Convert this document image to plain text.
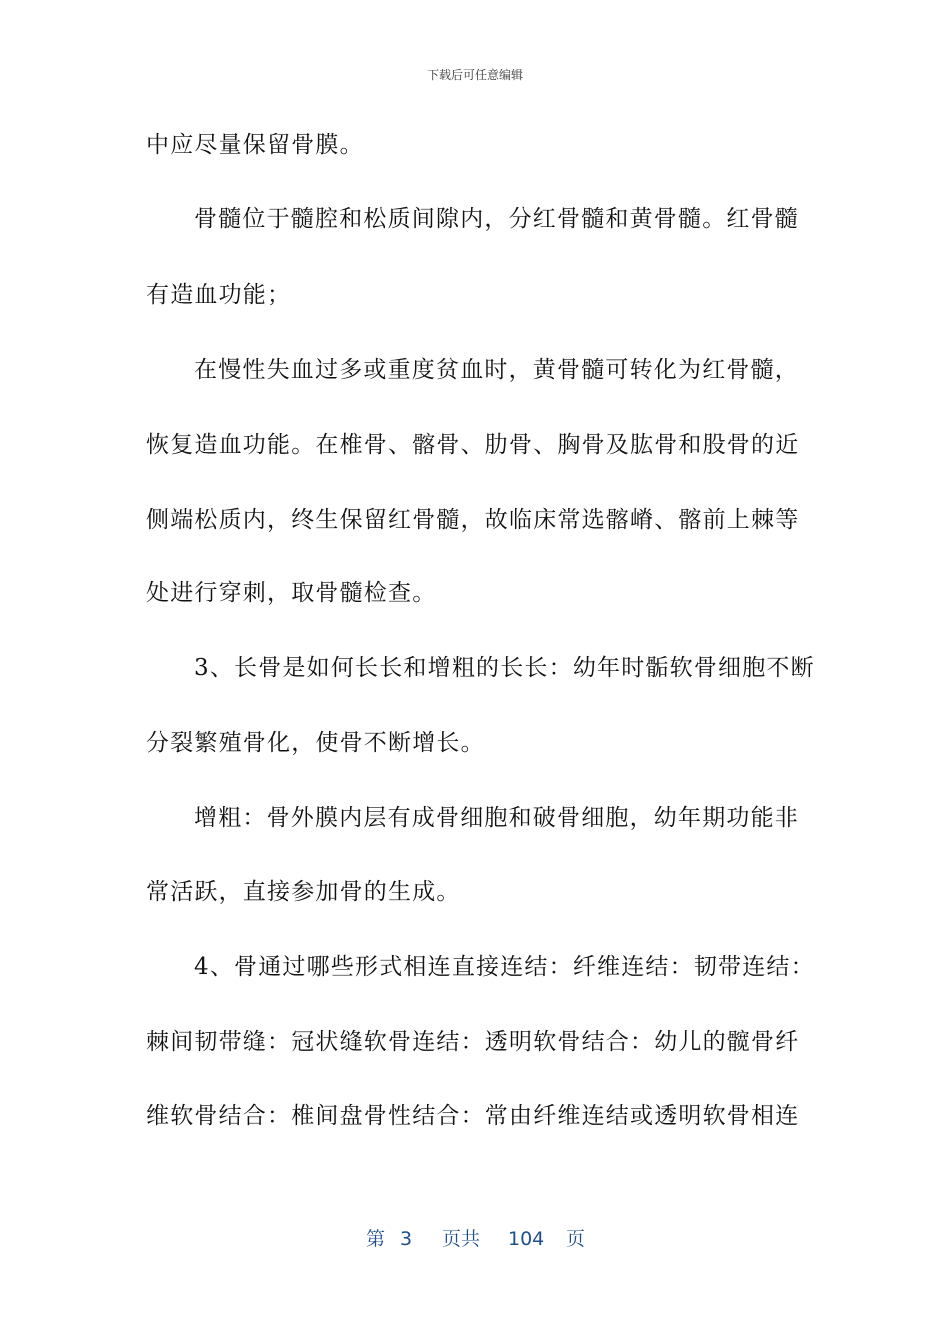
下载后可任意编辑
中应尽量保留骨膜。
骨髓位于髓腔和松质间隙内，分红骨髓和黄骨髓。红骨髓
有造血功能；
在慢性失血过多或重度贫血时，黄骨髓可转化为红骨髓，
恢复造血功能。在椎骨、髂骨、肋骨、胸骨及肱骨和股骨的近
侧端松质内，终生保留红骨髓，故临床常选髂嵴、髂前上棘等
处进行穿刺，取骨髓检查。
3、长骨是如何长长和增粗的长长：幼年时骺软骨细胞不断
分裂繁殖骨化，使骨不断增长。
增粗：骨外膜内层有成骨细胞和破骨细胞，幼年期功能非
常活跃，直接参加骨的生成。
4、骨通过哪些形式相连直接连结：纤维连结：韧带连结：
棘间韧带缝：冠状缝软骨连结：透明软骨结合：幼儿的髋骨纤
维软骨结合：椎间盘骨性结合：常由纤维连结或透明软骨相连
第 3 页共 104 页
